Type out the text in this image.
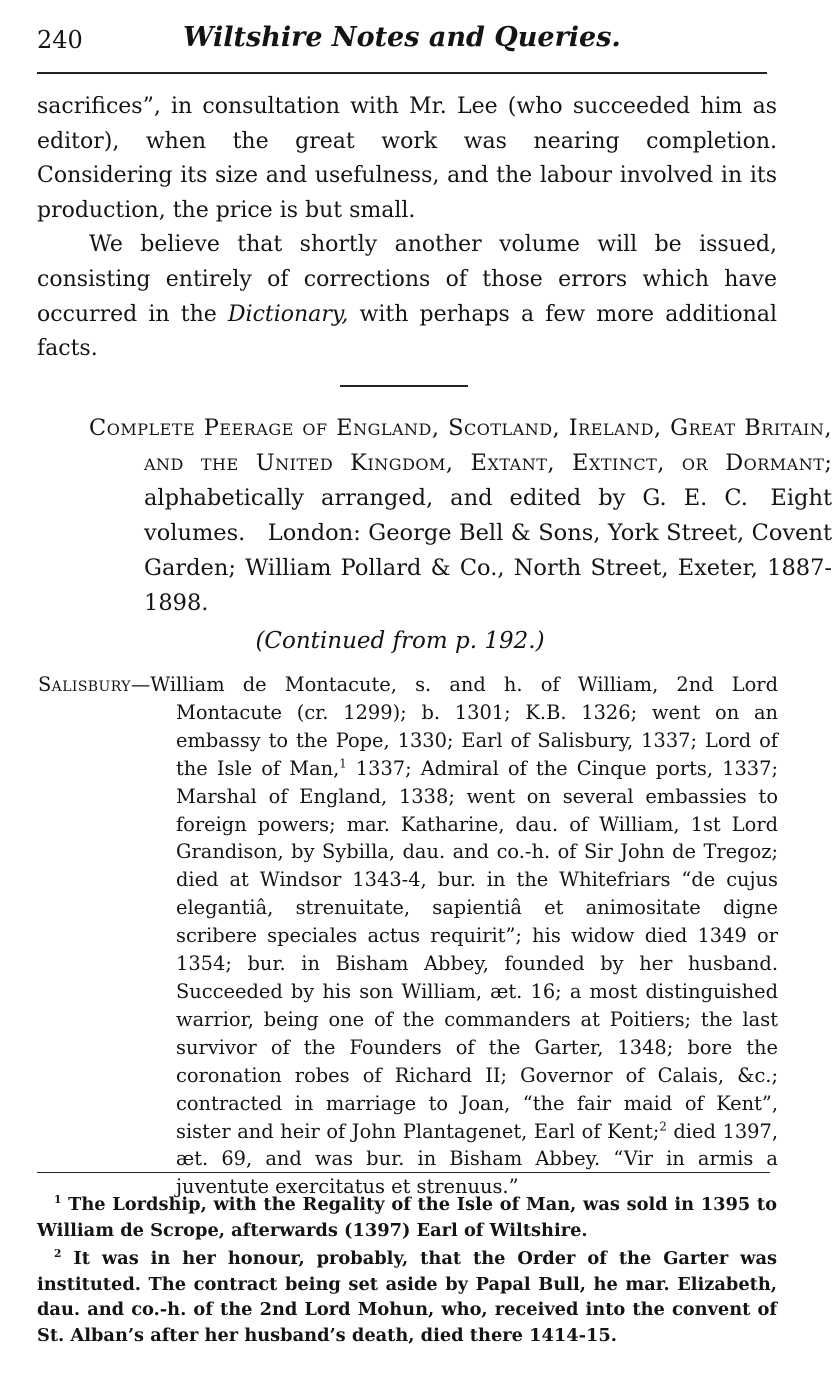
240	Wiltshire Notes and Queries.

sacrifices”, in consultation with Mr. Lee (who succeeded him as editor), when the great work was nearing completion. Considering its size and usefulness, and the labour involved in its production, the price is but small.

We believe that shortly another volume will be issued, consisting entirely of corrections of those errors which have occurred in the Dictionary, with perhaps a few more additional facts.

Complete Peerage of England, Scotland, Ireland, Great Britain, and the United Kingdom, Extant, Extinct, or Dormant; alphabetically arranged, and edited by G. E. C. Eight volumes. London: George Bell & Sons, York Street, Covent Garden; William Pollard & Co., North Street, Exeter, 1887-1898.

(Continued from p. 192.)

Salisbury—William de Montacute, s. and h. of William, 2nd Lord Montacute (cr. 1299); b. 1301; K.B. 1326; went on an embassy to the Pope, 1330; Earl of Salisbury, 1337; Lord of the Isle of Man,$^1$ 1337; Admiral of the Cinque ports, 1337; Marshal of England, 1338; went on several embassies to foreign powers; mar. Katharine, dau. of William, 1st Lord Grandison, by Sybilla, dau. and co.-h. of Sir John de Tregoz; died at Windsor 1343-4, bur. in the Whitefriars “de cujus elegantiâ, strenuitate, sapientiâ et animositate digne scribere speciales actus requirit”; his widow died 1349 or 1354; bur. in Bisham Abbey, founded by her husband. Succeeded by his son William, æt. 16; a most distinguished warrior, being one of the commanders at Poitiers; the last survivor of the Founders of the Garter, 1348; bore the coronation robes of Richard II; Governor of Calais, &c.; contracted in marriage to Joan, “the fair maid of Kent”, sister and heir of John Plantagenet, Earl of Kent;$^2$ died 1397, æt. 69, and was bur. in Bisham Abbey. “Vir in armis a juventute exercitatus et strenuus.”

$^1$ The Lordship, with the Regality of the Isle of Man, was sold in 1395 to William de Scrope, afterwards (1397) Earl of Wiltshire.

$^2$ It was in her honour, probably, that the Order of the Garter was instituted. The contract being set aside by Papal Bull, he mar. Elizabeth, dau. and co.-h. of the 2nd Lord Mohun, who, received into the convent of St. Alban’s after her husband’s death, died there 1414-15.
